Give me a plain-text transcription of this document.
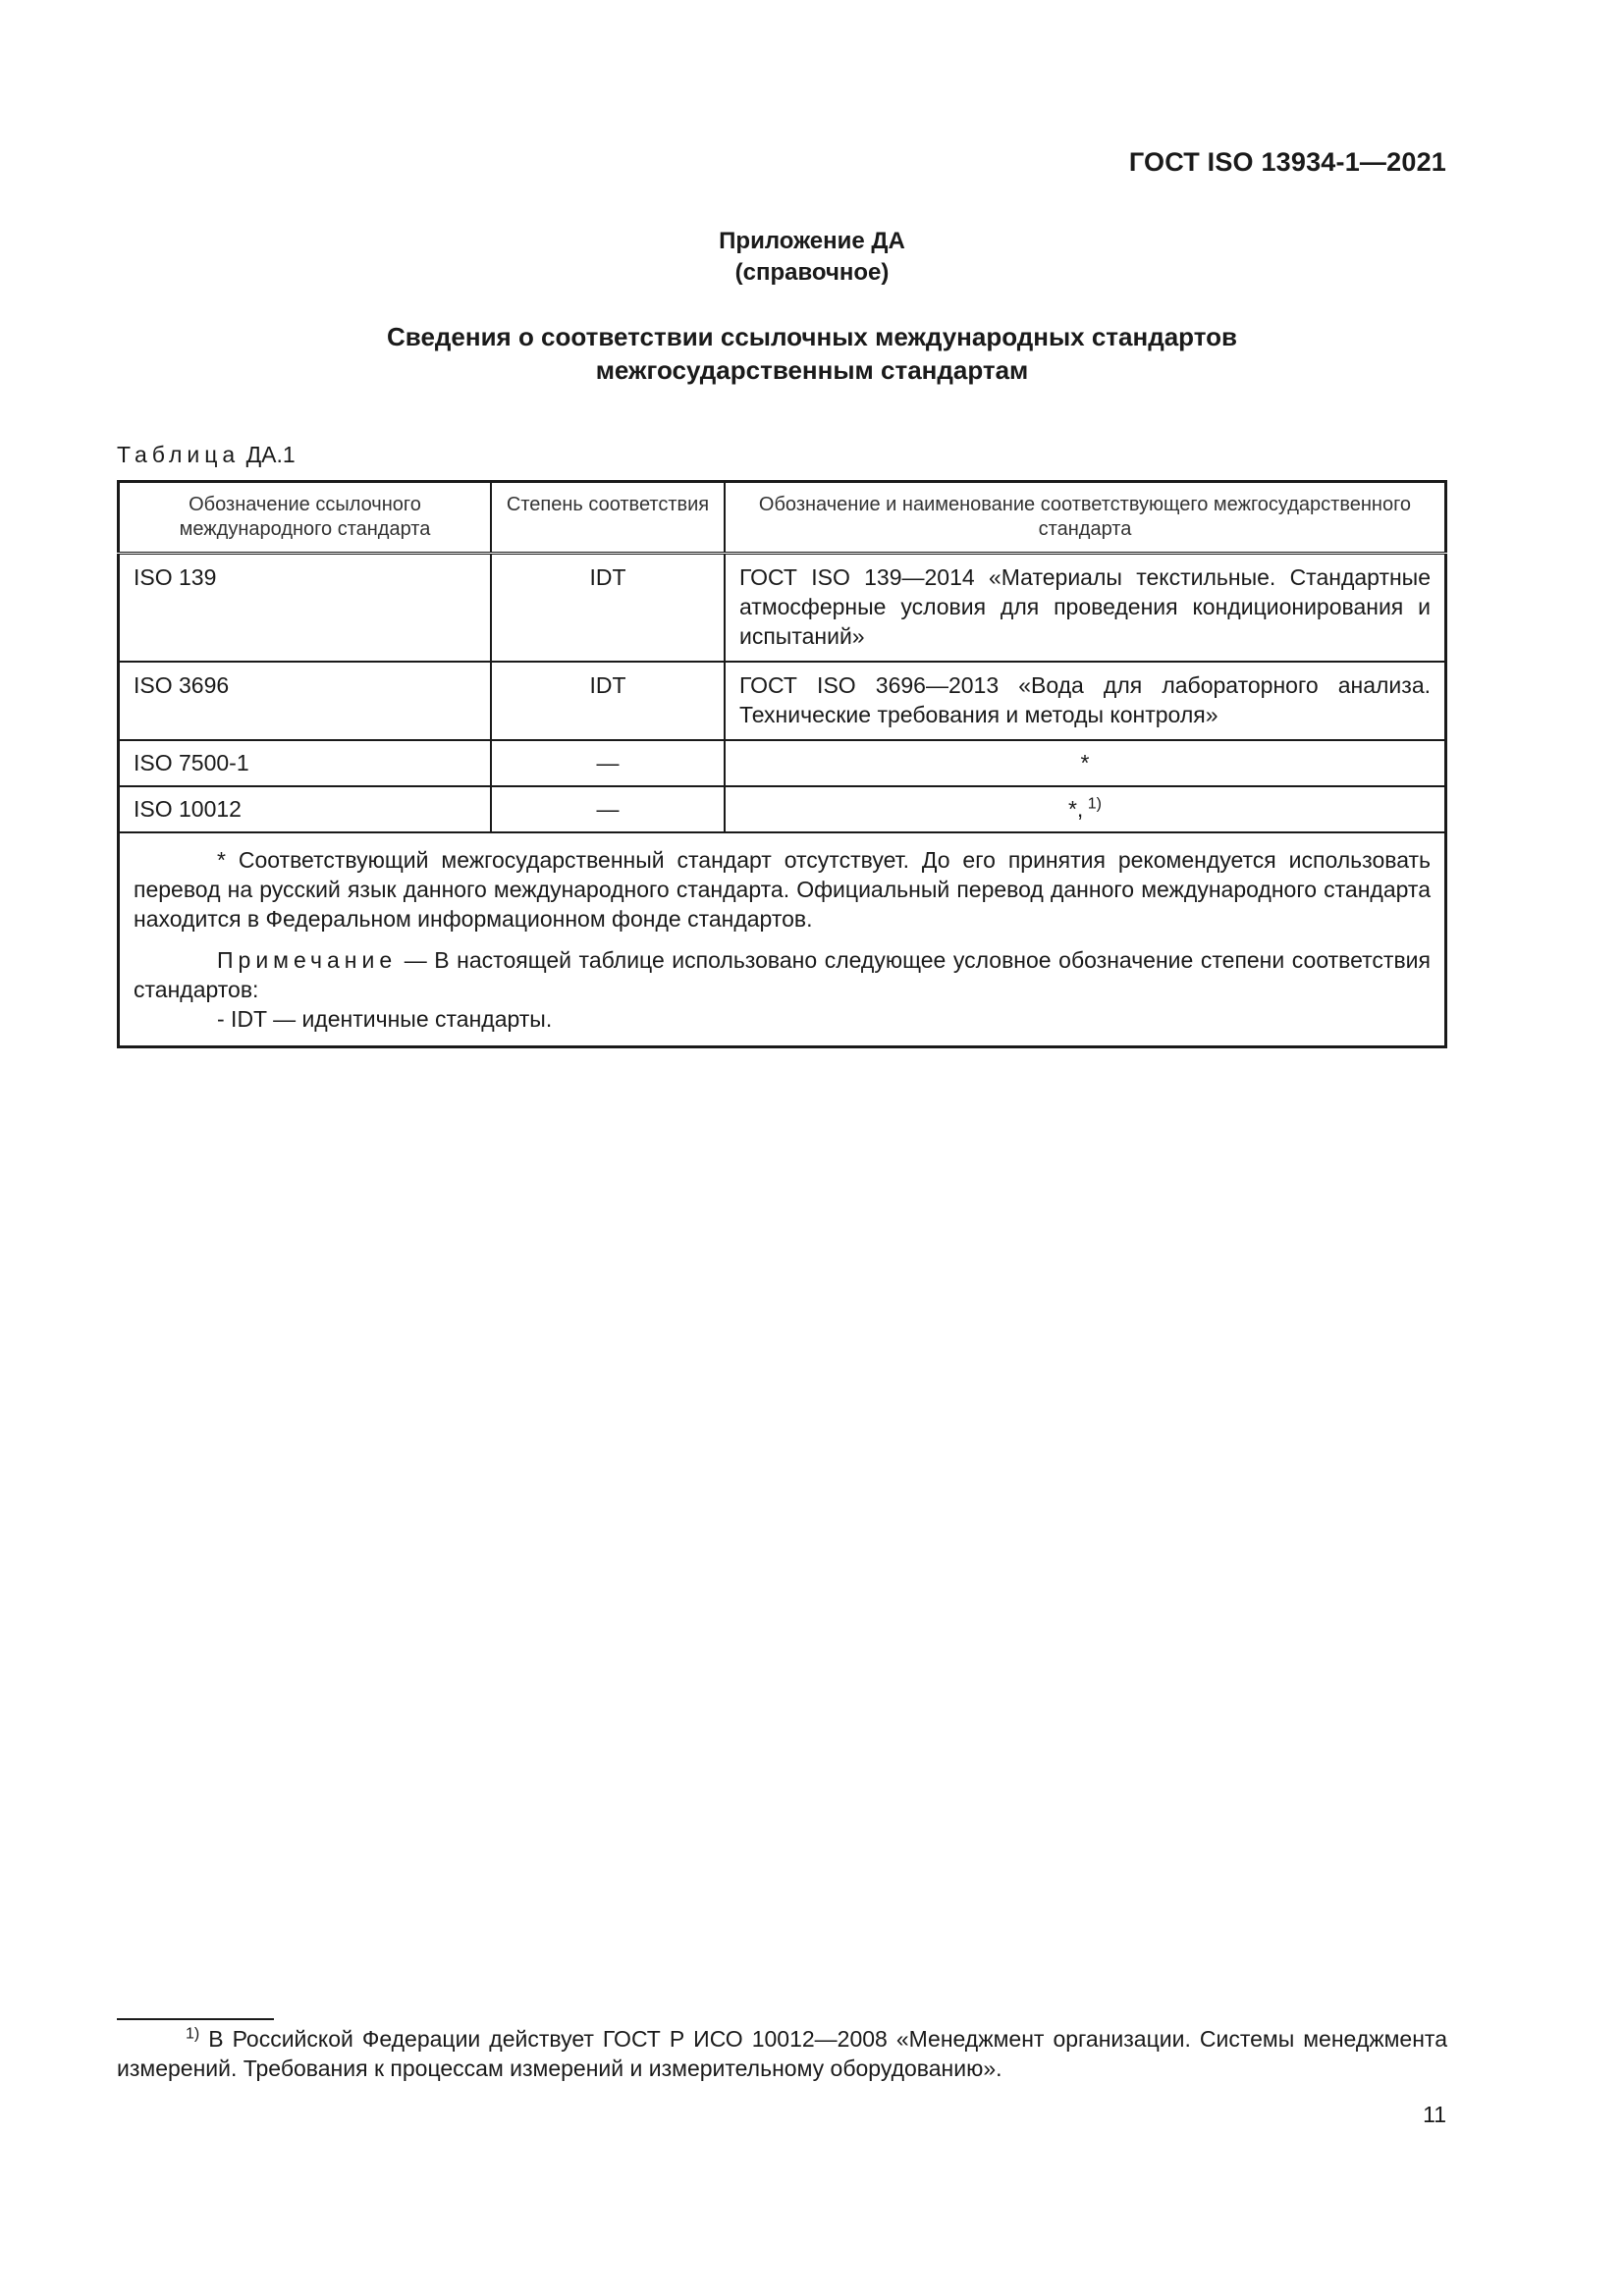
ГОСТ ISO 13934-1—2021
Приложение ДА
(справочное)
Сведения о соответствии ссылочных международных стандартов
межгосударственным стандартам
Таблица ДА.1
Обозначение ссылочного международного стандарта	Степень соответствия	Обозначение и наименование соответствующего межгосударственного стандарта
ISO 139	IDT	ГОСТ ISO 139—2014 «Материалы текстильные. Стандартные атмосферные условия для проведения кондиционирования и испытаний»
ISO 3696	IDT	ГОСТ ISO 3696—2013 «Вода для лабораторного анализа. Технические требования и методы контроля»
ISO 7500-1	—	*
ISO 10012	—	*, $^{1)}$

* Соответствующий межгосударственный стандарт отсутствует. До его принятия рекомендуется использовать перевод на русский язык данного международного стандарта. Официальный перевод данного международного стандарта находится в Федеральном информационном фонде стандартов.

Примечание — В настоящей таблице использовано следующее условное обозначение степени соответствия стандартов:
- IDT — идентичные стандарты.		

$^{1)}$ В Российской Федерации действует ГОСТ Р ИСО 10012—2008 «Менеджмент организации. Системы менеджмента измерений. Требования к процессам измерений и измерительному оборудованию».
11
